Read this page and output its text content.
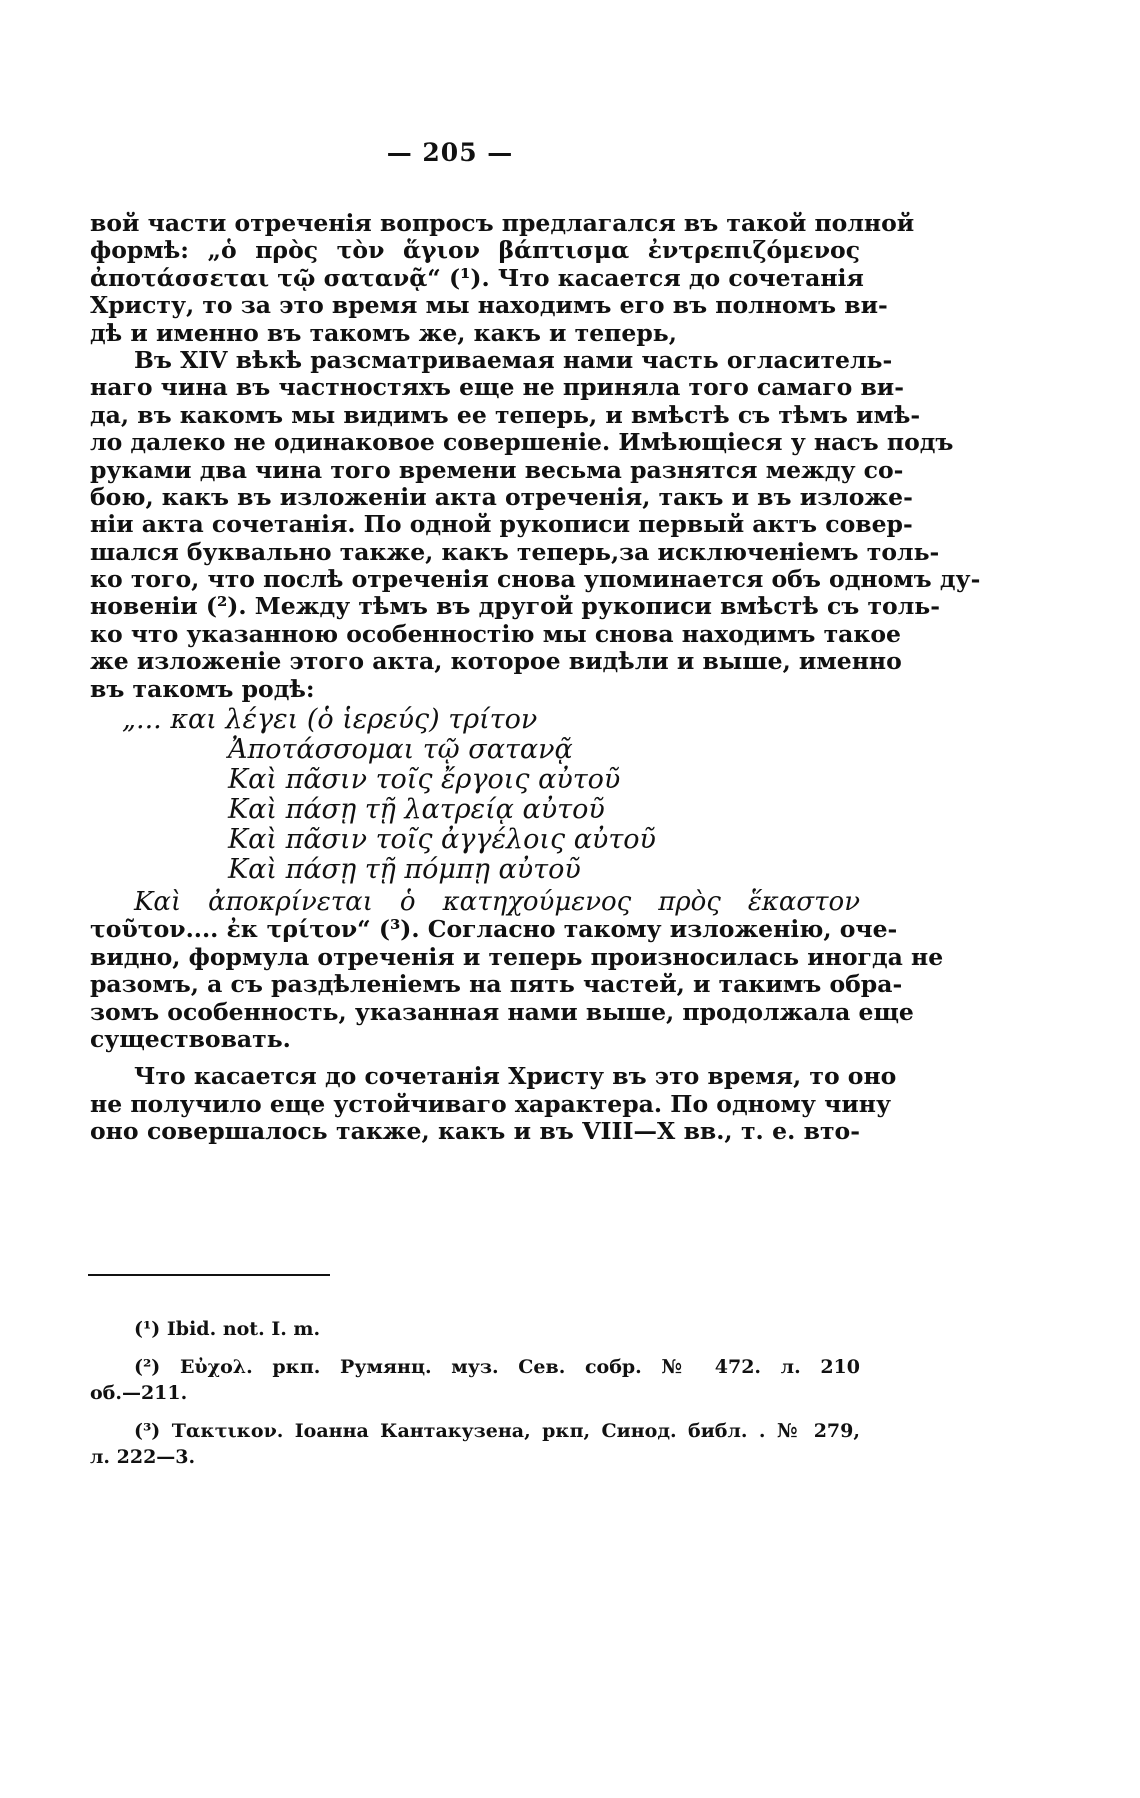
— 205 —
вой части отреченія вопросъ предлагался въ такой полной
формѣ: „ὁ πρὸς τὸν ἅγιον βάπτισμα ἐντρεπιζόμενος
ἀποτάσσεται τῷ σατανᾷ“ (¹). Что касается до сочетанія
Христу, то за это время мы находимъ его въ полномъ ви-
дѣ и именно въ такомъ же, какъ и теперь,
Въ XIV вѣкѣ разсматриваемая нами часть огласитель-
наго чина въ частностяхъ еще не приняла того самаго ви-
да, въ какомъ мы видимъ ее теперь, и вмѣстѣ съ тѣмъ имѣ-
ло далеко не одинаковое совершеніе. Имѣющіеся у насъ подъ
руками два чина того времени весьма разнятся между со-
бою, какъ въ изложеніи акта отреченія, такъ и въ изложе-
ніи акта сочетанія. По одной рукописи первый актъ совер-
шался буквально также, какъ теперь,за исключеніемъ толь-
ко того, что послѣ отреченія снова упоминается объ одномъ ду-
новеніи (²). Между тѣмъ въ другой рукописи вмѣстѣ съ толь-
ко что указанною особенностію мы снова находимъ такое
же изложеніе этого акта, которое видѣли и выше, именно
въ такомъ родѣ:
„... και λέγει (ὁ ἱερεύς) τρίτον
Ἀποτάσσομαι τῷ σατανᾷ
Καὶ πᾶσιν τοῖς ἔργοις αὐτοῦ
Καὶ πάσῃ τῇ λατρείᾳ αὐτοῦ
Καὶ πᾶσιν τοῖς ἀγγέλοις αὐτοῦ
Καὶ πάσῃ τῇ πόμπῃ αὐτοῦ
Καὶ ἀποκρίνεται ὁ κατηχούμενος πρὸς ἕκαστον
τοῦτον.... ἐκ τρίτον“ (³). Согласно такому изложенію, оче-
видно, формула отреченія и теперь произносилась иногда не
разомъ, а съ раздѣленіемъ на пять частей, и такимъ обра-
зомъ особенность, указанная нами выше, продолжала еще
существовать.
Что касается до сочетанія Христу въ это время, то оно
не получило еще устойчиваго характера. По одному чину
оно совершалось также, какъ и въ VIII—X вв., т. е. вто-
(¹) Ibid. not. I. m.
(²) Εὐχολ. рκп. Румянц. муз. Сев. собр. № 472. л. 210
об.—211.
(³) Τακτικον. Іоанна Кантакузена, рκп, Синод. библ. . № 279,
л. 222—3.
